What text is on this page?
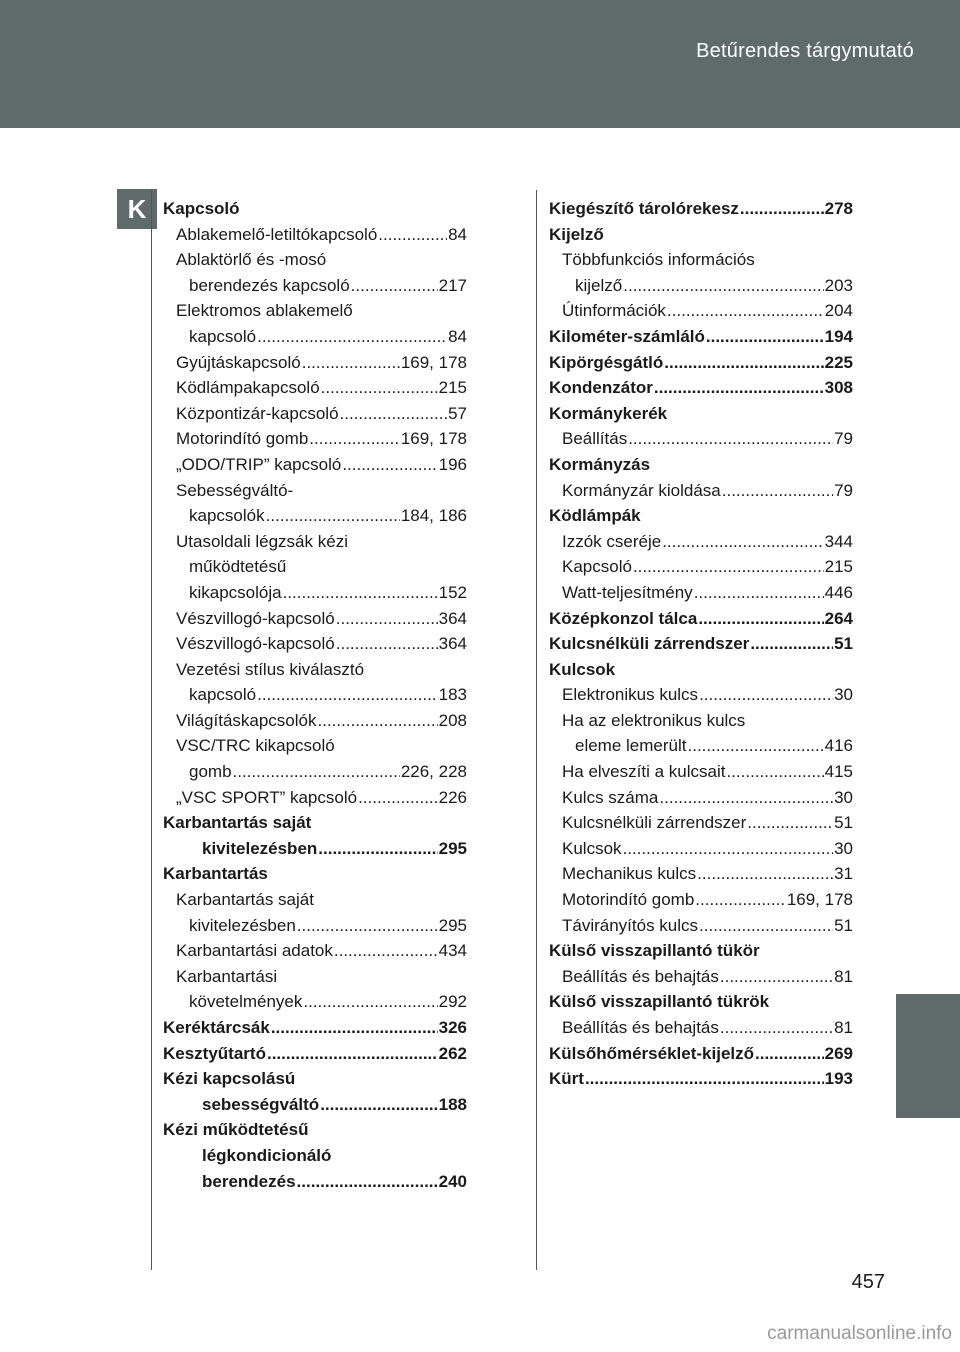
Betűrendes tárgymutató
K Kapcsoló
Ablakemelő-letiltókapcsoló .....	84
Ablaktörlő és -mosó
berendezés kapcsoló .....	217
Elektromos ablakemelő
kapcsoló .....	84
Gyújtáskapcsoló .....	169, 178
Ködlámpakapcsoló .....	215
Központizár-kapcsoló .....	57
Motorindító gomb .....	169, 178
„ODO/TRIP” kapcsoló .....	196
Sebességváltó-
kapcsolók .....	184, 186
Utasoldali légzsák kézi
működtetésű
kikapcsolója .....	152
Vészvillogó-kapcsoló .....	364
Vészvillogó-kapcsoló .....	364
Vezetési stílus kiválasztó
kapcsoló .....	183
Világításkapcsolók .....	208
VSC/TRC kikapcsoló
gomb .....	226, 228
„VSC SPORT” kapcsoló .....	226
Karbantartás saját
kivitelezésben .....	295
Karbantartás
Karbantartás saját
kivitelezésben .....	295
Karbantartási adatok .....	434
Karbantartási
követelmények .....	292
Keréktárcsák .....	326
Kesztyűtartó .....	262
Kézi kapcsolású
sebességváltó .....	188
Kézi működtetésű
légkondicionáló
berendezés .....	240
Kiegészítő tárolórekesz .....	278
Kijelző
Többfunkciós információs
kijelző .....	203
Útinformációk .....	204
Kilométer-számláló .....	194
Kipörgésgátló .....	225
Kondenzátor .....	308
Kormánykerék
Beállítás .....	79
Kormányzás
Kormányzár kioldása .....	79
Ködlámpák
Izzók cseréje .....	344
Kapcsoló .....	215
Watt-teljesítmény .....	446
Középkonzol tálca .....	264
Kulcsnélküli zárrendszer .....	51
Kulcsok
Elektronikus kulcs .....	30
Ha az elektronikus kulcs
eleme lemerült .....	416
Ha elveszíti a kulcsait .....	415
Kulcs száma .....	30
Kulcsnélküli zárrendszer .....	51
Kulcsok .....	30
Mechanikus kulcs .....	31
Motorindító gomb .....	169, 178
Távirányítós kulcs .....	51
Külső visszapillantó tükör
Beállítás és behajtás .....	81
Külső visszapillantó tükrök
Beállítás és behajtás .....	81
Külsőhőmérséklet-kijelző .....	269
Kürt .....	193
457
carmanualsonline.info
